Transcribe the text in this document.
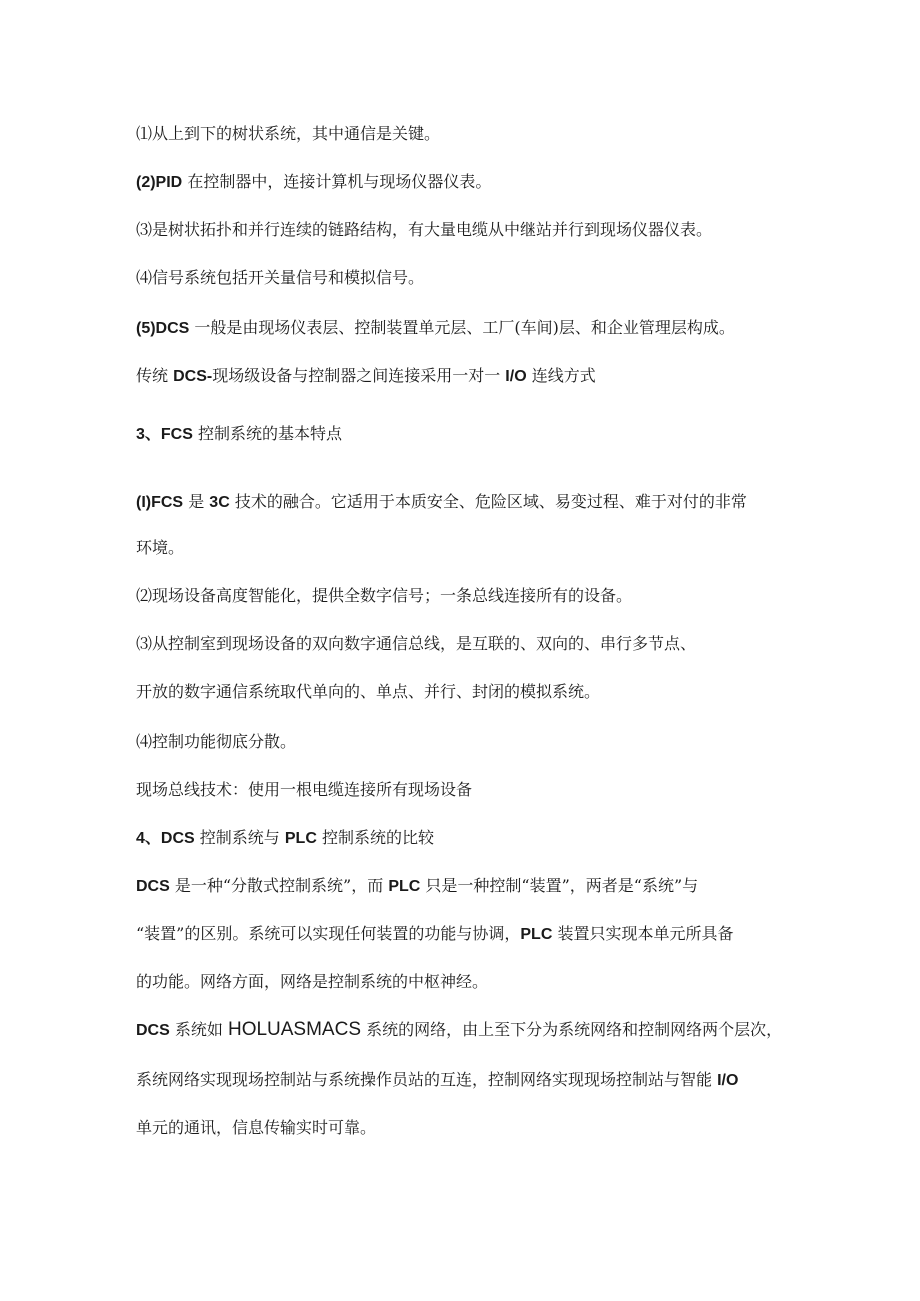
⑴从上到下的树状系统，其中通信是关键。
(2)PID 在控制器中，连接计算机与现场仪器仪表。
⑶是树状拓扑和并行连续的链路结构，有大量电缆从中继站并行到现场仪器仪表。
⑷信号系统包括开关量信号和模拟信号。
(5)DCS 一般是由现场仪表层、控制装置单元层、工厂(车间)层、和企业管理层构成。
传统 DCS-现场级设备与控制器之间连接采用一对一 I/O 连线方式
3、FCS 控制系统的基本特点
(I)FCS 是 3C 技术的融合。它适用于本质安全、危险区域、易变过程、难于对付的非常
环境。
⑵现场设备高度智能化，提供全数字信号；一条总线连接所有的设备。
⑶从控制室到现场设备的双向数字通信总线，是互联的、双向的、串行多节点、
开放的数字通信系统取代单向的、单点、并行、封闭的模拟系统。
⑷控制功能彻底分散。
现场总线技术：使用一根电缆连接所有现场设备
4、DCS 控制系统与 PLC 控制系统的比较
DCS 是一种“分散式控制系统”，而 PLC 只是一种控制“装置”，两者是“系统”与
“装置”的区别。系统可以实现任何装置的功能与协调，PLC 装置只实现本单元所具备
的功能。网络方面，网络是控制系统的中枢神经。
DCS 系统如 HOLUASMACS 系统的网络，由上至下分为系统网络和控制网络两个层次，
系统网络实现现场控制站与系统操作员站的互连，控制网络实现现场控制站与智能 I/O
单元的通讯，信息传输实时可靠。
